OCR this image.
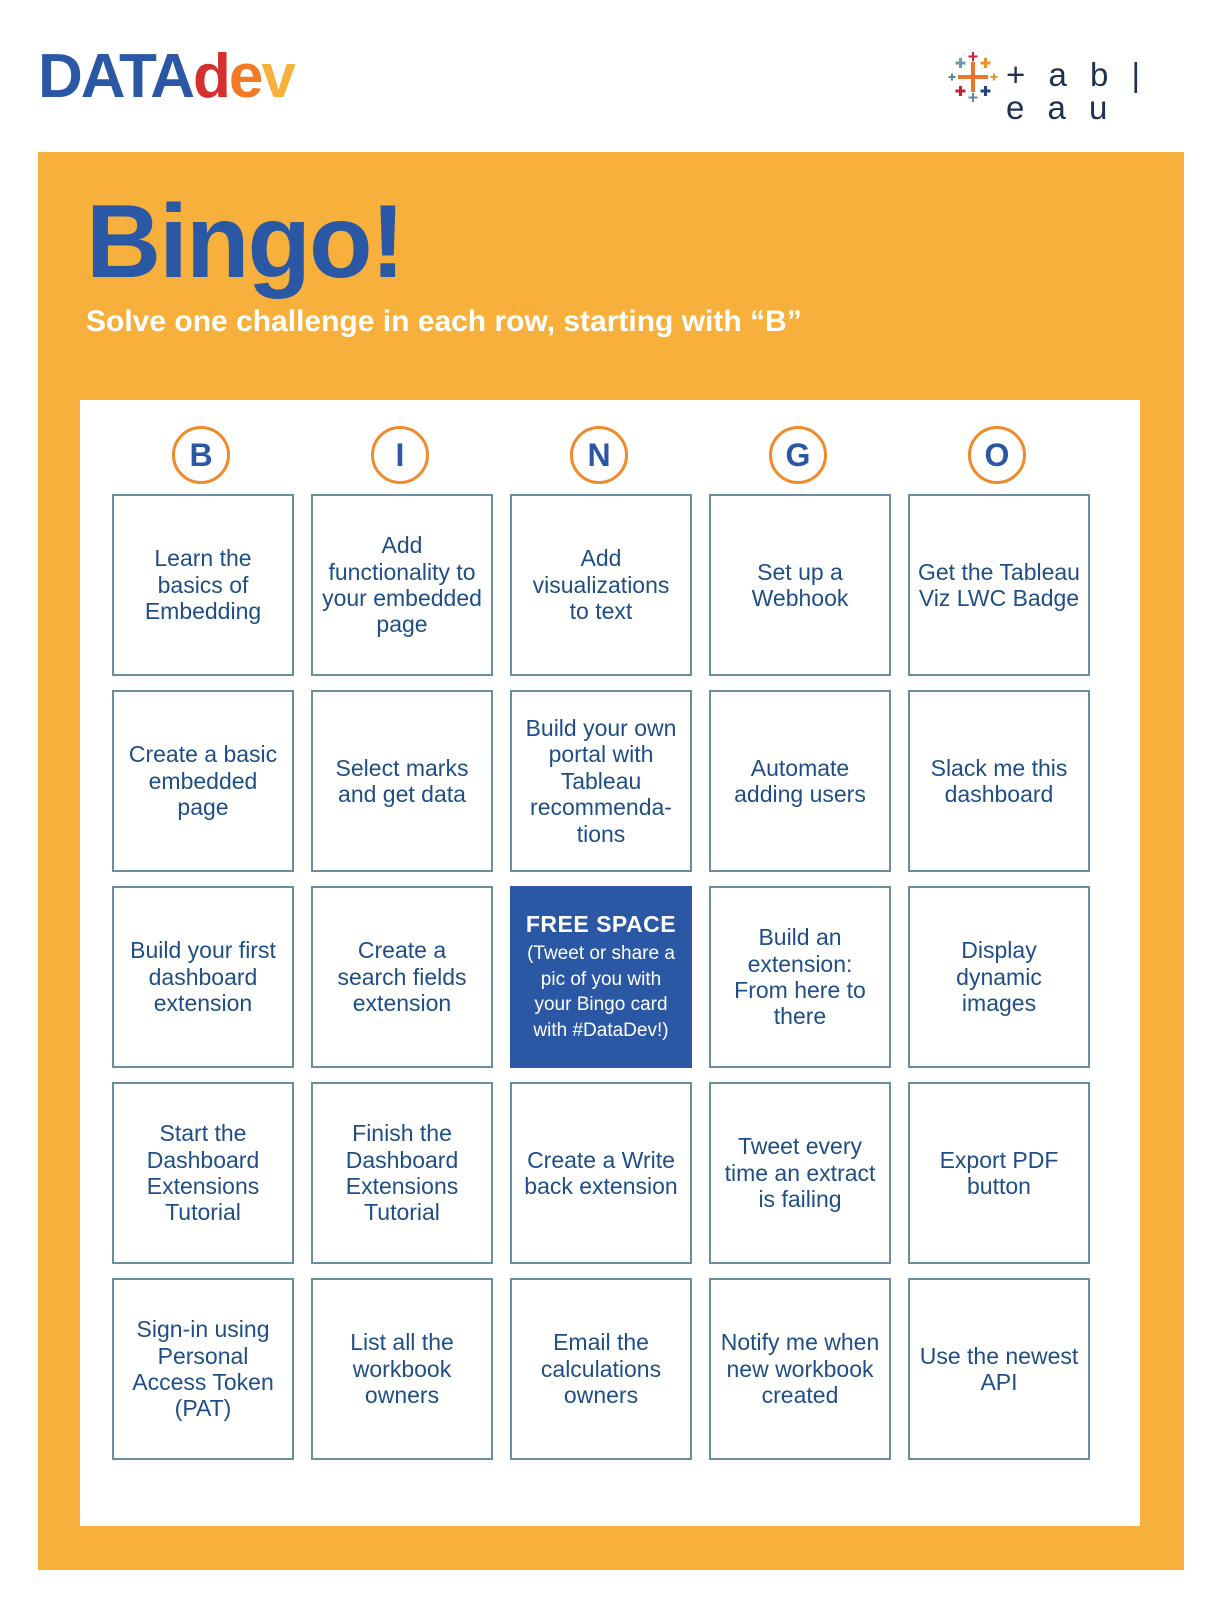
DATA d e v	+ a b | e a u
Bingo!
Solve one challenge in each row, starting with “B”
B	I	N	G	O
Learn the basics of Embedding
Add functionality to your embedded page
Add visualizations to text
Set up a Webhook
Get the Tableau Viz LWC Badge
Create a basic embedded page
Select marks and get data
Build your own portal with Tableau recommenda-tions
Automate adding users
Slack me this dashboard
Build your first dashboard extension
Create a search fields extension
FREE SPACE
(Tweet or share a pic of you with your Bingo card with #DataDev!)
Build an extension: From here to there
Display dynamic images
Start the Dashboard Extensions Tutorial
Finish the Dashboard Extensions Tutorial
Create a Write back extension
Tweet every time an extract is failing
Export PDF button
Sign-in using Personal Access Token (PAT)
List all the workbook owners
Email the calculations owners
Notify me when new workbook created
Use the newest API
